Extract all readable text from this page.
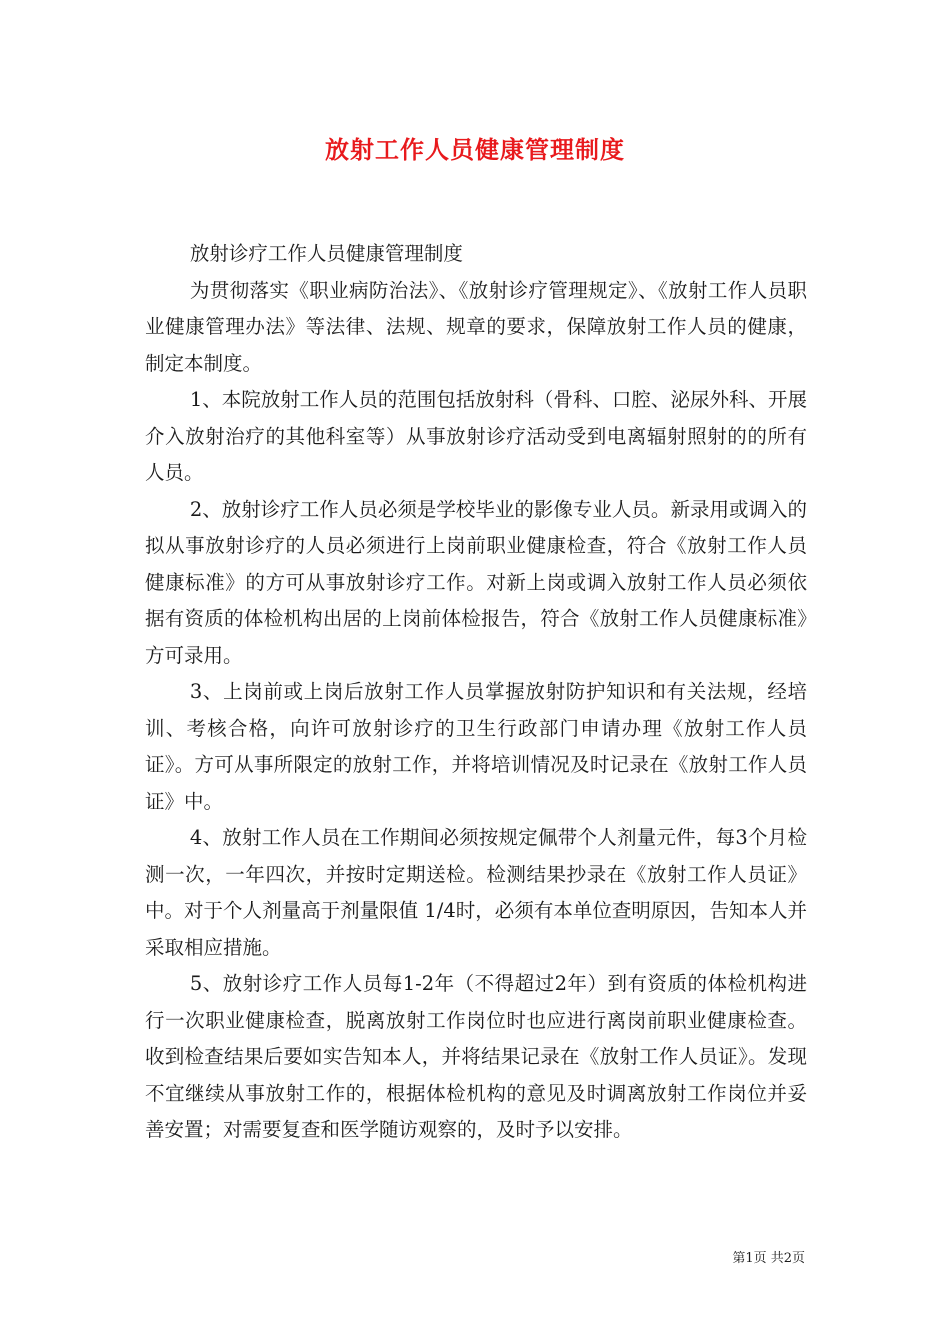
放射工作人员健康管理制度

放射诊疗工作人员健康管理制度

为贯彻落实《职业病防治法》、《放射诊疗管理规定》、《放射工作人员职业健康管理办法》等法律、法规、规章的要求，保障放射工作人员的健康，制定本制度。

1、本院放射工作人员的范围包括放射科（骨科、口腔、泌尿外科、开展介入放射治疗的其他科室等）从事放射诊疗活动受到电离辐射照射的的所有人员。

2、放射诊疗工作人员必须是学校毕业的影像专业人员。新录用或调入的拟从事放射诊疗的人员必须进行上岗前职业健康检查，符合《放射工作人员健康标准》的方可从事放射诊疗工作。对新上岗或调入放射工作人员必须依据有资质的体检机构出居的上岗前体检报告，符合《放射工作人员健康标准》方可录用。

3、上岗前或上岗后放射工作人员掌握放射防护知识和有关法规，经培训、考核合格，向许可放射诊疗的卫生行政部门申请办理《放射工作人员证》。方可从事所限定的放射工作，并将培训情况及时记录在《放射工作人员证》中。

4、放射工作人员在工作期间必须按规定佩带个人剂量元件，每3个月检测一次，一年四次，并按时定期送检。检测结果抄录在《放射工作人员证》中。对于个人剂量高于剂量限值 1/4时，必须有本单位查明原因，告知本人并采取相应措施。

5、放射诊疗工作人员每1-2年（不得超过2年）到有资质的体检机构进行一次职业健康检查，脱离放射工作岗位时也应进行离岗前职业健康检查。收到检查结果后要如实告知本人，并将结果记录在《放射工作人员证》。发现不宜继续从事放射工作的，根据体检机构的意见及时调离放射工作岗位并妥善安置；对需要复查和医学随访观察的，及时予以安排。

第1页 共2页
